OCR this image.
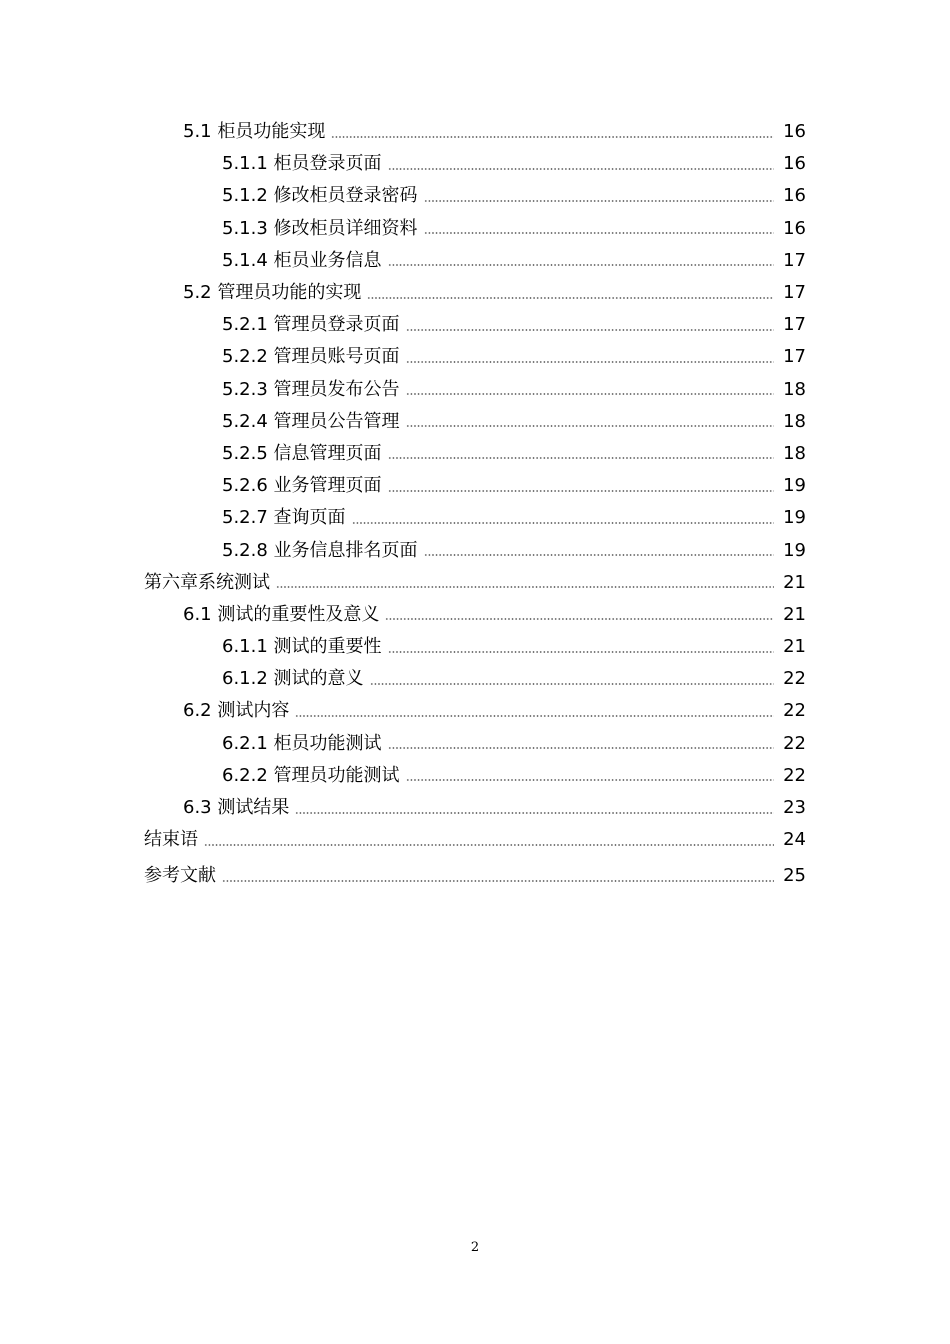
5.1 柜员功能实现	16
5.1.1 柜员登录页面	16
5.1.2 修改柜员登录密码	16
5.1.3 修改柜员详细资料	16
5.1.4 柜员业务信息	17
5.2 管理员功能的实现	17
5.2.1 管理员登录页面	17
5.2.2 管理员账号页面	17
5.2.3 管理员发布公告	18
5.2.4 管理员公告管理	18
5.2.5 信息管理页面	18
5.2.6 业务管理页面	19
5.2.7 查询页面	19
5.2.8 业务信息排名页面	19
第六章系统测试	21
6.1 测试的重要性及意义	21
6.1.1 测试的重要性	21
6.1.2 测试的意义	22
6.2 测试内容	22
6.2.1 柜员功能测试	22
6.2.2 管理员功能测试	22
6.3 测试结果	23
结束语	24
参考文献	25
2
